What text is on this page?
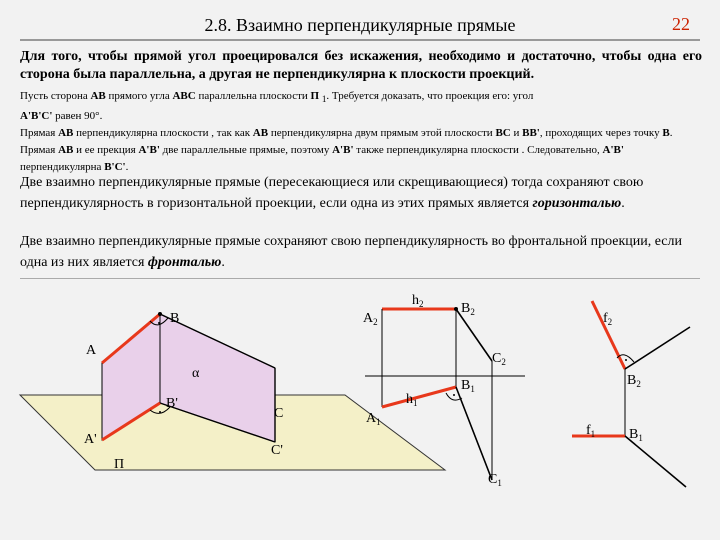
2.8. Взаимно перпендикулярные прямые	22

Для того, чтобы прямой угол проецировался без искажения, необходимо и достаточно, чтобы одна его сторона была параллельна, а другая не перпендикулярна к плоскости проекций.

Пусть сторона АВ прямого угла АВС параллельна плоскости П $_1$. Требуется доказать, что проекция его: угол
А'В'С' равен 90°.
Прямая АВ перпендикулярна плоскости , так как АВ перпендикулярна двум прямым этой плоскости ВС и ВВ', проходящих через точку В. Прямая АВ и ее прекция А'В' две параллельные прямые, поэтому А'В' также перпендикулярна плоскости . Следовательно, А'В' перпендикулярна В'С'.

Две взаимно перпендикулярные прямые (пересекающиеся или скрещивающиеся) тогда сохраняют свою перпендикулярность в горизонтальной проекции, если одна из этих прямых является горизонталью.

Две взаимно перпендикулярные прямые сохраняют свою перпендикулярность во фронтальной проекции, если одна из них является фронталью.

B
A
α
B'
C
A'
C'
П
$A_2$
$h_2$	$B_2$
$C_2$
$h_1$
$B_1$
$A_1$
$C_1$
$f_2$
$B_2$
$f_1$ $B_1$
